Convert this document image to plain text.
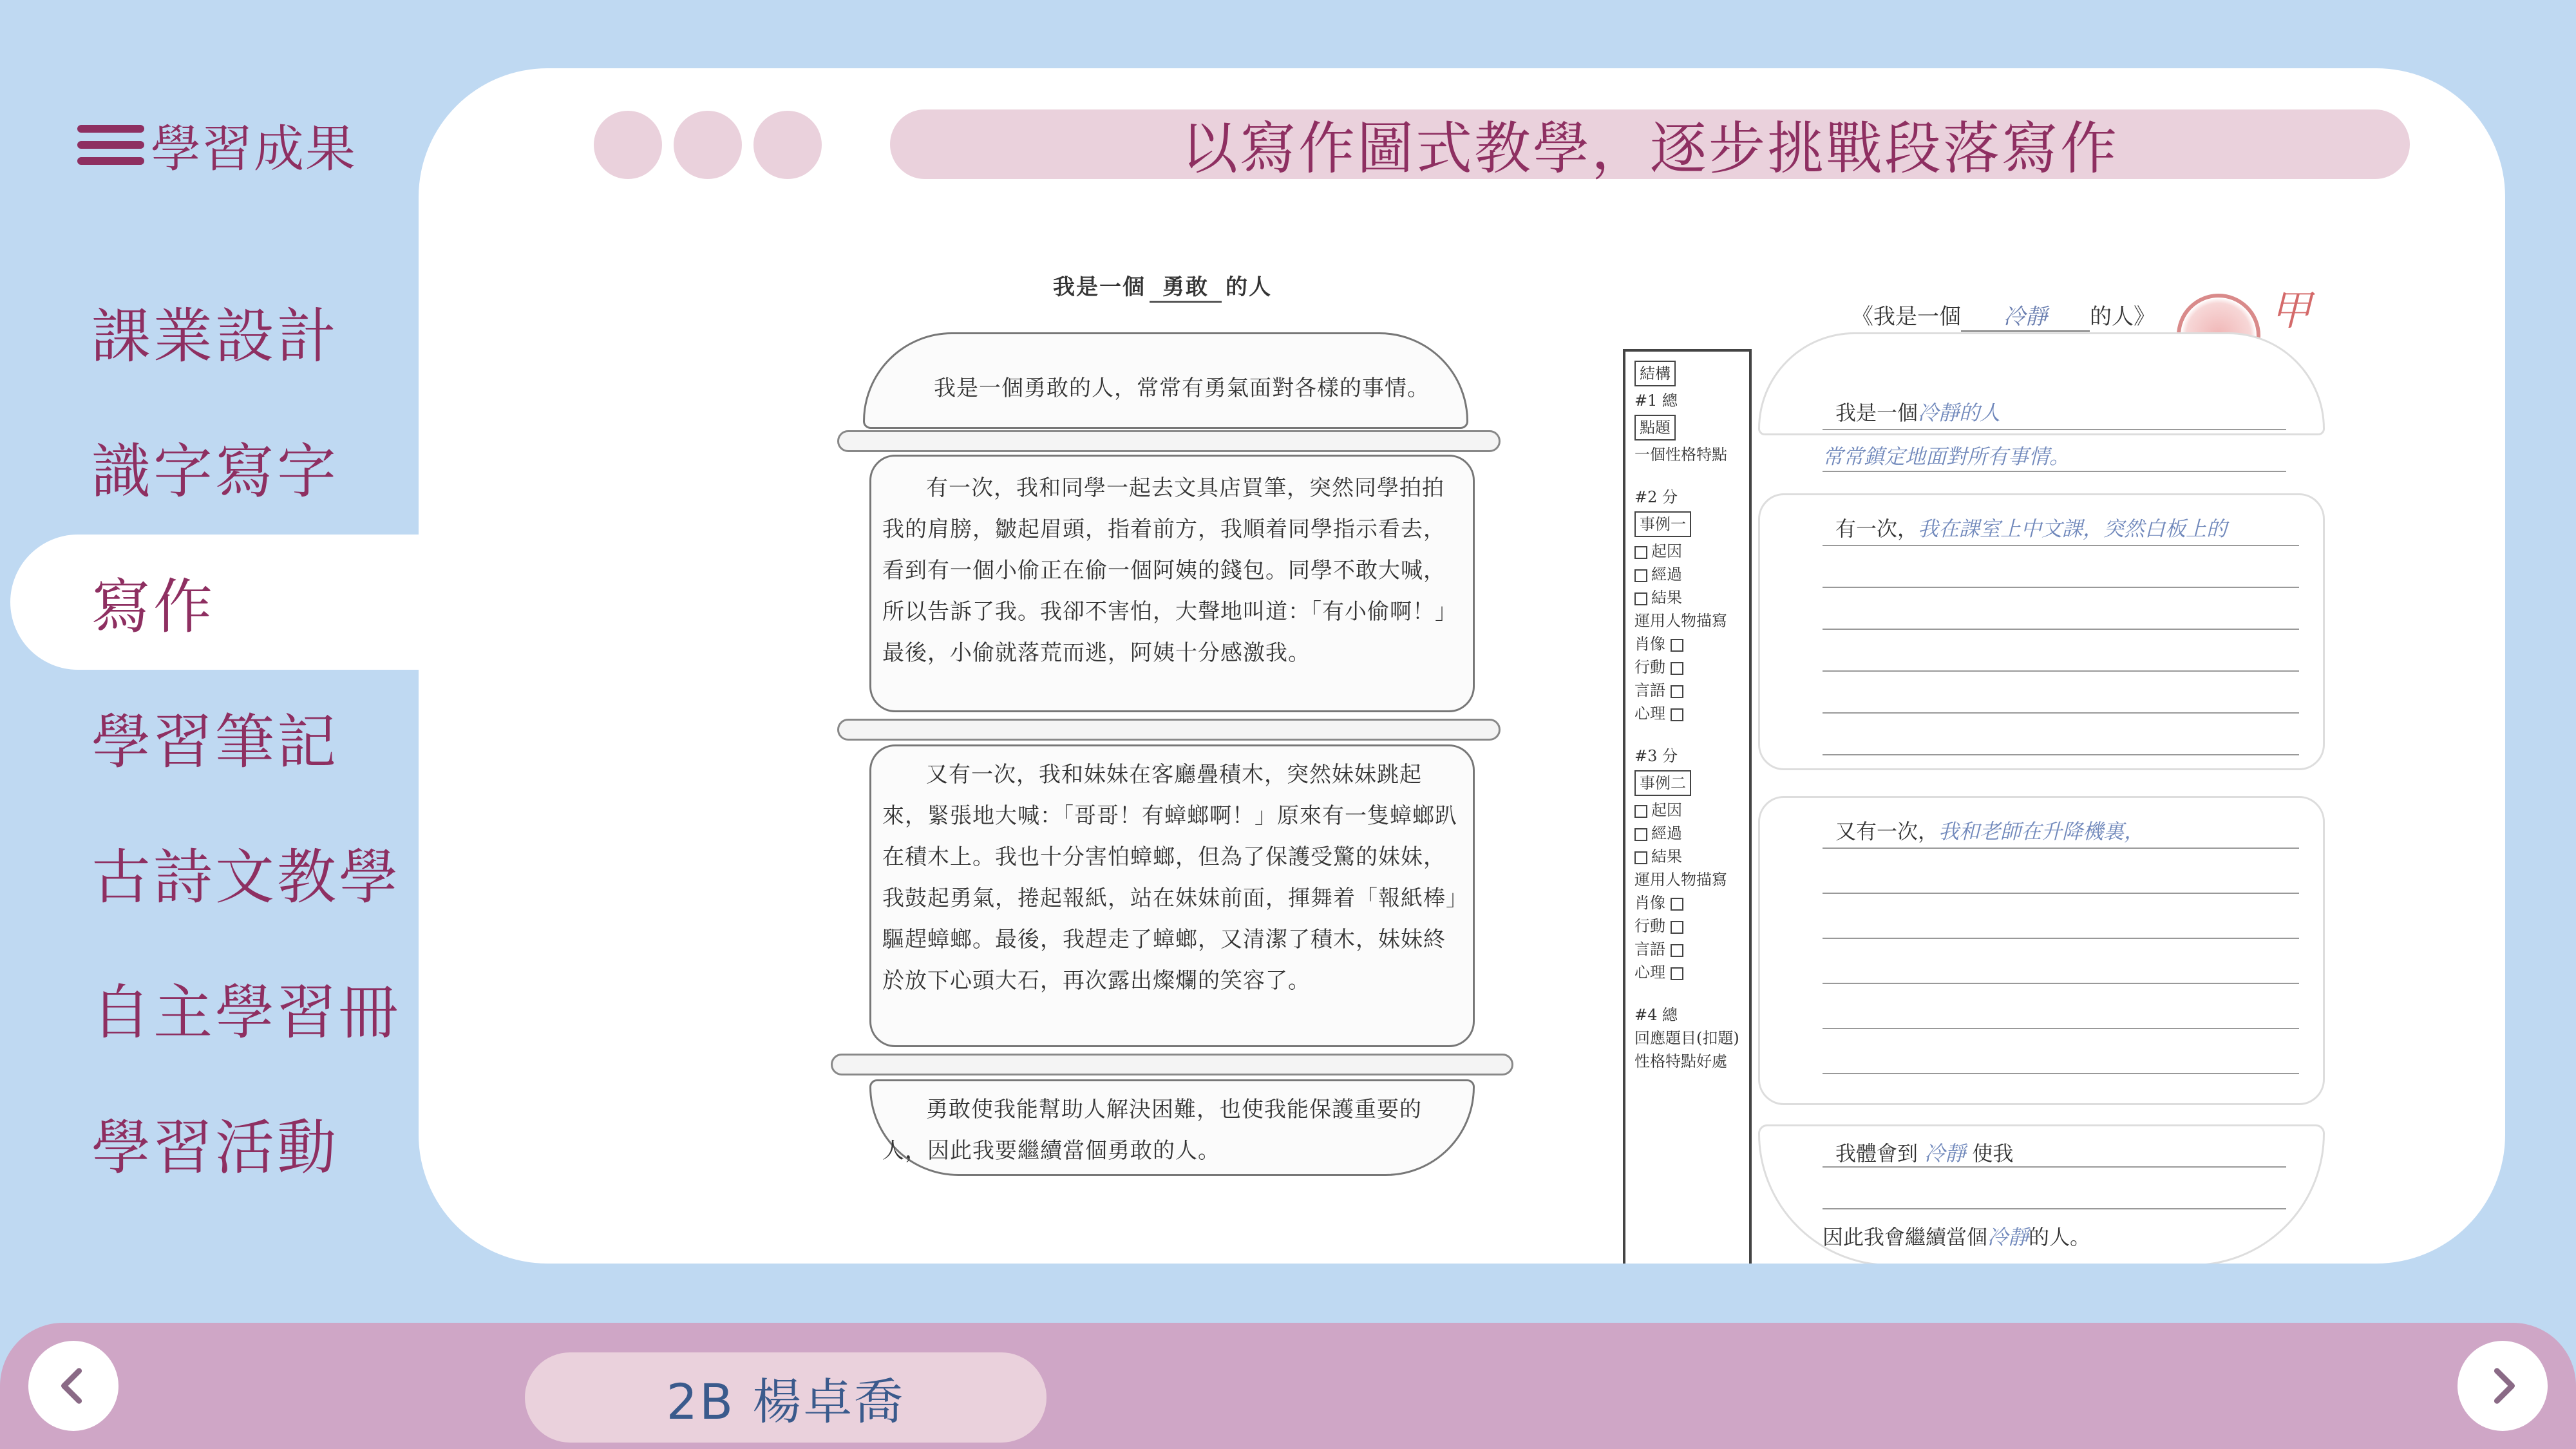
學習成果
課業設計
識字寫字
寫作
學習筆記
古詩文教學
自主學習冊
學習活動
以寫作圖式教學，逐步挑戰段落寫作
我是一個 勇敢 的人
我是一個勇敢的人，常常有勇氣面對各樣的事情。
有一次，我和同學一起去文具店買筆，突然同學拍拍我的肩膀，皺起眉頭，指着前方，我順着同學指示看去，看到有一個小偷正在偷一個阿姨的錢包。同學不敢大喊，所以告訴了我。我卻不害怕，大聲地叫道：「有小偷啊！」最後，小偷就落荒而逃，阿姨十分感激我。
又有一次，我和妹妹在客廳疊積木，突然妹妹跳起來，緊張地大喊：「哥哥！有蟑螂啊！」原來有一隻蟑螂趴在積木上。我也十分害怕蟑螂，但為了保護受驚的妹妹，我鼓起勇氣，捲起報紙，站在妹妹前面，揮舞着「報紙棒」驅趕蟑螂。最後，我趕走了蟑螂，又清潔了積木，妹妹終於放下心頭大石，再次露出燦爛的笑容了。
勇敢使我能幫助人解決困難，也使我能保護重要的人，因此我要繼續當個勇敢的人。
結構
#1 總
點題
一個性格特點
#2 分
事例一
起因
經過
結果
運用人物描寫
肖像
行動
言語
心理
#3 分
事例二
起因
經過
結果
運用人物描寫
肖像
行動
言語
心理
#4 總
回應題目(扣題)
性格特點好處
《我是一個 冷靜 的人》	甲
我是一個冷靜的人
常常鎮定地面對所有事情。
有一次，我在課室上中文課，突然白板上的
又有一次，我和老師在升降機裏，
我體會到 冷靜 使我
因此我會繼續當個冷靜的人。
2B 楊卓喬
